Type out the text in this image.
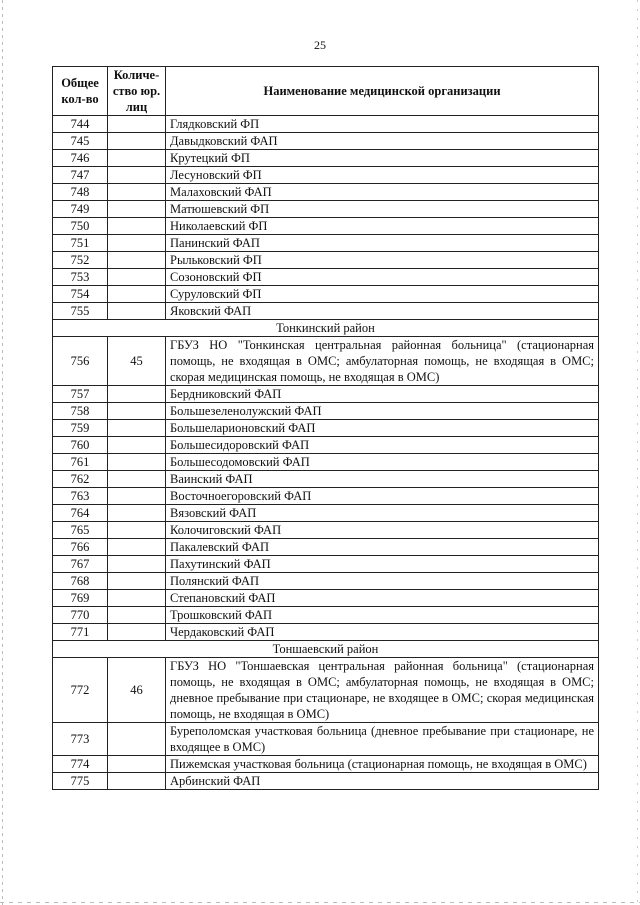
25
Общее кол-во	Количе-ство юр. лиц	Наименование медицинской организации
744		Глядковский ФП
745		Давыдковский ФАП
746		Крутецкий ФП
747		Лесуновский ФП
748		Малаховский ФАП
749		Матюшевский ФП
750		Николаевский ФП
751		Панинский ФАП
752		Рыльковский ФП
753		Созоновский ФП
754		Суруловский ФП
755		Яковский ФАП
Тонкинский район		
756	45	ГБУЗ НО "Тонкинская центральная районная больница" (стационарная помощь, не входящая в ОМС; амбулаторная помощь, не входящая в ОМС; скорая медицинская помощь, не входящая в ОМС)
757		Бердниковский ФАП
758		Большезеленолужский ФАП
759		Большеларионовский ФАП
760		Большесидоровский ФАП
761		Большесодомовский ФАП
762		Ваинский ФАП
763		Восточноегоровский ФАП
764		Вязовский ФАП
765		Колочиговский ФАП
766		Пакалевский ФАП
767		Пахутинский ФАП
768		Полянский ФАП
769		Степановский ФАП
770		Трошковский ФАП
771		Чердаковский ФАП
Тоншаевский район		
772	46	ГБУЗ НО "Тоншаевская центральная районная больница" (стационарная помощь, не входящая в ОМС; амбулаторная помощь, не входящая в ОМС; дневное пребывание при стационаре, не входящее в ОМС; скорая медицинская помощь, не входящая в ОМС)
773		Буреполомская участковая больница (дневное пребывание при стационаре, не входящее в ОМС)
774		Пижемская участковая больница (стационарная помощь, не входящая в ОМС)
775		Арбинский ФАП
